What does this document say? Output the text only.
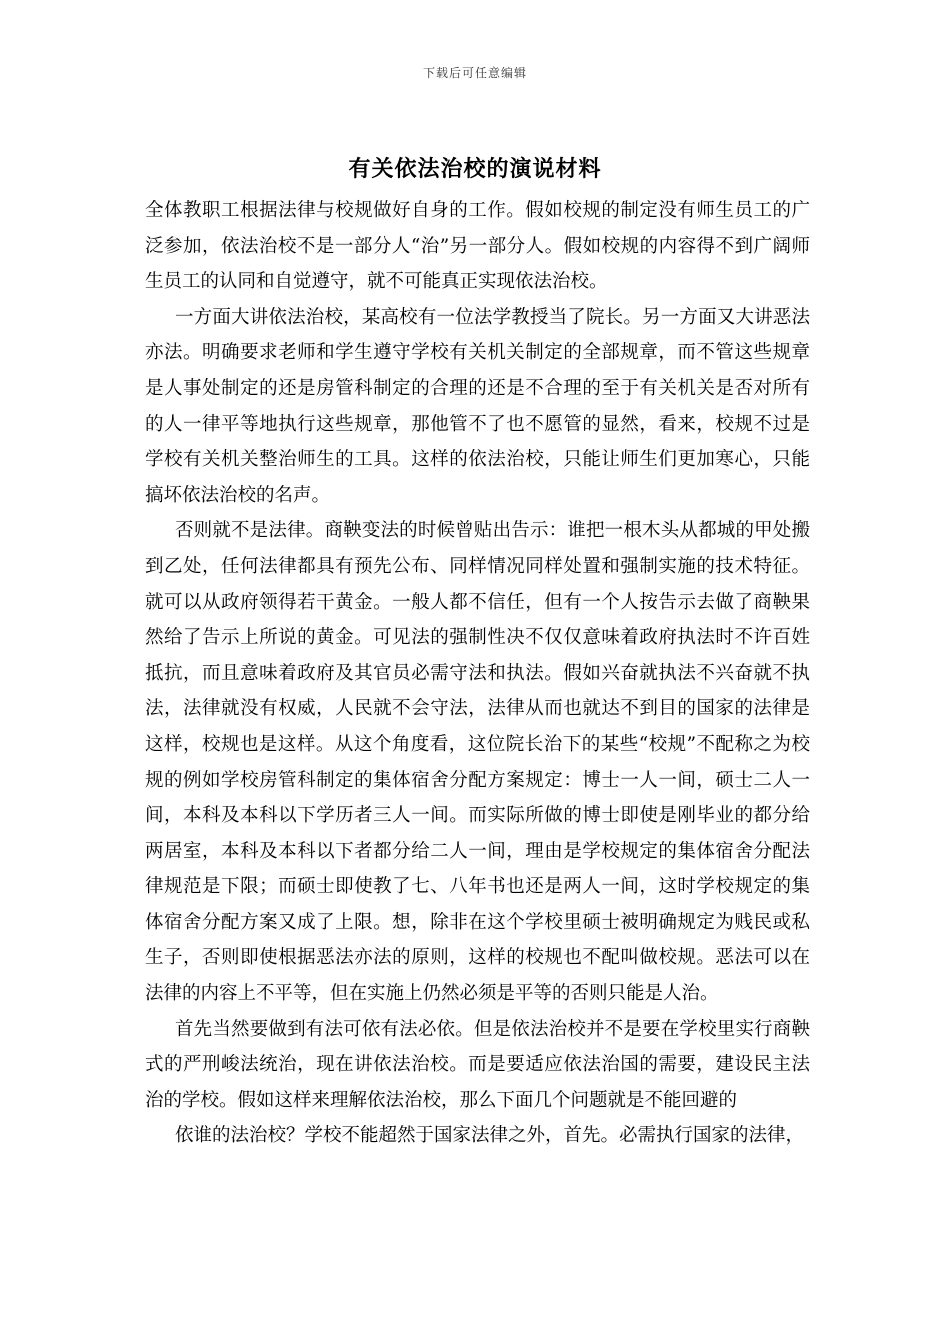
下载后可任意编辑
有关依法治校的演说材料

全体教职工根据法律与校规做好自身的工作。假如校规的制定没有师生员工的广泛参加，依法治校不是一部分人“治”另一部分人。假如校规的内容得不到广阔师生员工的认同和自觉遵守，就不可能真正实现依法治校。

一方面大讲依法治校，某高校有一位法学教授当了院长。另一方面又大讲恶法亦法。明确要求老师和学生遵守学校有关机关制定的全部规章，而不管这些规章是人事处制定的还是房管科制定的合理的还是不合理的至于有关机关是否对所有的人一律平等地执行这些规章，那他管不了也不愿管的显然，看来，校规不过是学校有关机关整治师生的工具。这样的依法治校，只能让师生们更加寒心，只能搞坏依法治校的名声。

否则就不是法律。商鞅变法的时候曾贴出告示：谁把一根木头从都城的甲处搬到乙处，任何法律都具有预先公布、同样情况同样处置和强制实施的技术特征。就可以从政府领得若干黄金。一般人都不信任，但有一个人按告示去做了商鞅果然给了告示上所说的黄金。可见法的强制性决不仅仅意味着政府执法时不许百姓抵抗，而且意味着政府及其官员必需守法和执法。假如兴奋就执法不兴奋就不执法，法律就没有权威，人民就不会守法，法律从而也就达不到目的国家的法律是这样，校规也是这样。从这个角度看，这位院长治下的某些“校规”不配称之为校规的例如学校房管科制定的集体宿舍分配方案规定：博士一人一间，硕士二人一间，本科及本科以下学历者三人一间。而实际所做的博士即使是刚毕业的都分给两居室，本科及本科以下者都分给二人一间，理由是学校规定的集体宿舍分配法律规范是下限；而硕士即使教了七、八年书也还是两人一间，这时学校规定的集体宿舍分配方案又成了上限。想，除非在这个学校里硕士被明确规定为贱民或私生子，否则即使根据恶法亦法的原则，这样的校规也不配叫做校规。恶法可以在法律的内容上不平等，但在实施上仍然必须是平等的否则只能是人治。

首先当然要做到有法可依有法必依。但是依法治校并不是要在学校里实行商鞅式的严刑峻法统治，现在讲依法治校。而是要适应依法治国的需要，建设民主法治的学校。假如这样来理解依法治校，那么下面几个问题就是不能回避的

依谁的法治校？学校不能超然于国家法律之外，首先。必需执行国家的法律，
